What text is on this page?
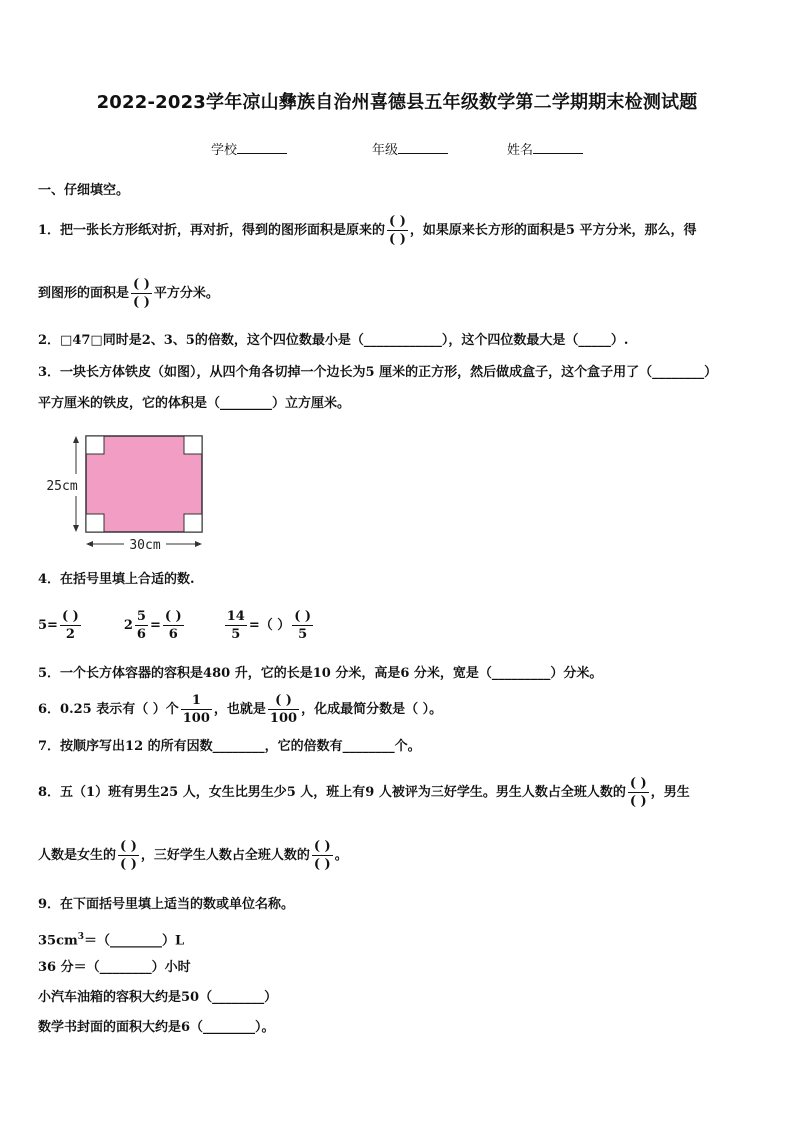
2022-2023学年凉山彝族自治州喜德县五年级数学第二学期期末检测试题
学校	年级	姓名
一、仔细填空。
1．把一张长方形纸对折，再对折，得到的图形面积是原来的 $\frac{( )}{( )}$ ，如果原来长方形的面积是5 平方分米，那么，得
到图形的面积是 $\frac{( )}{( )}$ 平方分米。
2．□47□同时是2、3、5的倍数，这个四位数最小是（____________），这个四位数最大是（_____）.
3．一块长方体铁皮（如图），从四个角各切掉一个边长为5 厘米的正方形，然后做成盒子，这个盒子用了（________）
平方厘米的铁皮，它的体积是（________）立方厘米。
25cm
30cm
4．在括号里填上合适的数.
$5= \frac{( )}{2}$	$2 \frac{5}{6} = \frac{( )}{6}$
	$\frac{14}{5}$ =（ ） $\frac{( )}{5}$
5．一个长方体容器的容积是480 升，它的长是10 分米，高是6 分米，宽是（_________）分米。
6．0.25 表示有（ ）个 $\frac{1}{100}$ ，也就是 $\frac{( )}{100}$ ，化成最简分数是（ ）。
7．按顺序写出12 的所有因数________，它的倍数有________个。
8．五（1）班有男生25 人，女生比男生少5 人，班上有9 人被评为三好学生。男生人数占全班人数的 $\frac{( )}{( )}$ ，男生
人数是女生的 $\frac{( )}{( )}$ ，三好学生人数占全班人数的 $\frac{( )}{( )}$ 。
9．在下面括号里填上适当的数或单位名称。
$35cm^3=(\_\_\_\_\_\_\_\_)L$
36 分＝（________）小时
小汽车油箱的容积大约是50（________）
数学书封面的面积大约是6（________）。
